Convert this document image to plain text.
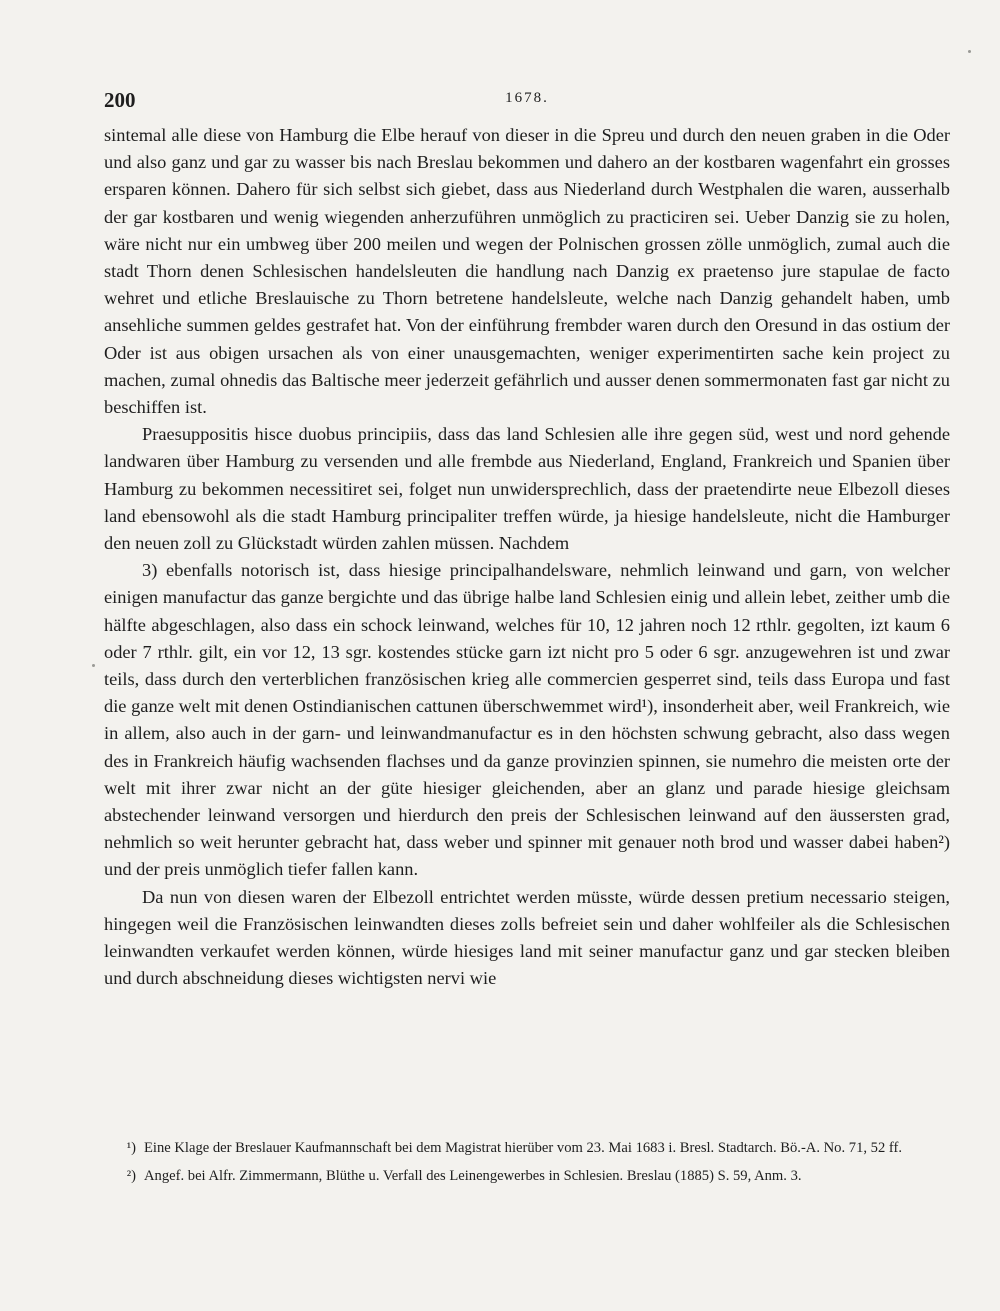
200	1678.

sintemal alle diese von Hamburg die Elbe herauf von dieser in die Spreu und durch den neuen graben in die Oder und also ganz und gar zu wasser bis nach Breslau bekommen und dahero an der kostbaren wagenfahrt ein grosses ersparen können. Dahero für sich selbst sich giebet, dass aus Niederland durch Westphalen die waren, ausserhalb der gar kostbaren und wenig wiegenden anherzuführen unmöglich zu practiciren sei. Ueber Danzig sie zu holen, wäre nicht nur ein umbweg über 200 meilen und wegen der Polnischen grossen zölle unmöglich, zumal auch die stadt Thorn denen Schlesischen handelsleuten die handlung nach Danzig ex praetenso jure stapulae de facto wehret und etliche Breslauische zu Thorn betretene handelsleute, welche nach Danzig gehandelt haben, umb ansehliche summen geldes gestrafet hat. Von der einführung frembder waren durch den Oresund in das ostium der Oder ist aus obigen ursachen als von einer unausgemachten, weniger experimentirten sache kein project zu machen, zumal ohnedis das Baltische meer jederzeit gefährlich und ausser denen sommermonaten fast gar nicht zu beschiffen ist.

Praesuppositis hisce duobus principiis, dass das land Schlesien alle ihre gegen süd, west und nord gehende landwaren über Hamburg zu versenden und alle frembde aus Niederland, England, Frankreich und Spanien über Hamburg zu bekommen necessitiret sei, folget nun unwidersprechlich, dass der praetendirte neue Elbezoll dieses land ebensowohl als die stadt Hamburg principaliter treffen würde, ja hiesige handelsleute, nicht die Hamburger den neuen zoll zu Glückstadt würden zahlen müssen. Nachdem

3) ebenfalls notorisch ist, dass hiesige principalhandelsware, nehmlich leinwand und garn, von welcher einigen manufactur das ganze bergichte und das übrige halbe land Schlesien einig und allein lebet, zeither umb die hälfte abgeschlagen, also dass ein schock leinwand, welches für 10, 12 jahren noch 12 rthlr. gegolten, izt kaum 6 oder 7 rthlr. gilt, ein vor 12, 13 sgr. kostendes stücke garn izt nicht pro 5 oder 6 sgr. anzugewehren ist und zwar teils, dass durch den verterblichen französischen krieg alle commercien gesperret sind, teils dass Europa und fast die ganze welt mit denen Ostindianischen cattunen überschwemmet wird¹), insonderheit aber, weil Frankreich, wie in allem, also auch in der garn- und leinwandmanufactur es in den höchsten schwung gebracht, also dass wegen des in Frankreich häufig wachsenden flachses und da ganze provinzien spinnen, sie numehro die meisten orte der welt mit ihrer zwar nicht an der güte hiesiger gleichenden, aber an glanz und parade hiesige gleichsam abstechender leinwand versorgen und hierdurch den preis der Schlesischen leinwand auf den äussersten grad, nehmlich so weit herunter gebracht hat, dass weber und spinner mit genauer noth brod und wasser dabei haben²) und der preis unmöglich tiefer fallen kann.

Da nun von diesen waren der Elbezoll entrichtet werden müsste, würde dessen pretium necessario steigen, hingegen weil die Französischen leinwandten dieses zolls befreiet sein und daher wohlfeiler als die Schlesischen leinwandten verkaufet werden können, würde hiesiges land mit seiner manufactur ganz und gar stecken bleiben und durch abschneidung dieses wichtigsten nervi wie

¹) Eine Klage der Breslauer Kaufmannschaft bei dem Magistrat hierüber vom 23. Mai 1683 i. Bresl. Stadtarch. Bö.-A. No. 71, 52 ff.

²) Angef. bei Alfr. Zimmermann, Blüthe u. Verfall des Leinengewerbes in Schlesien. Breslau (1885) S. 59, Anm. 3.
